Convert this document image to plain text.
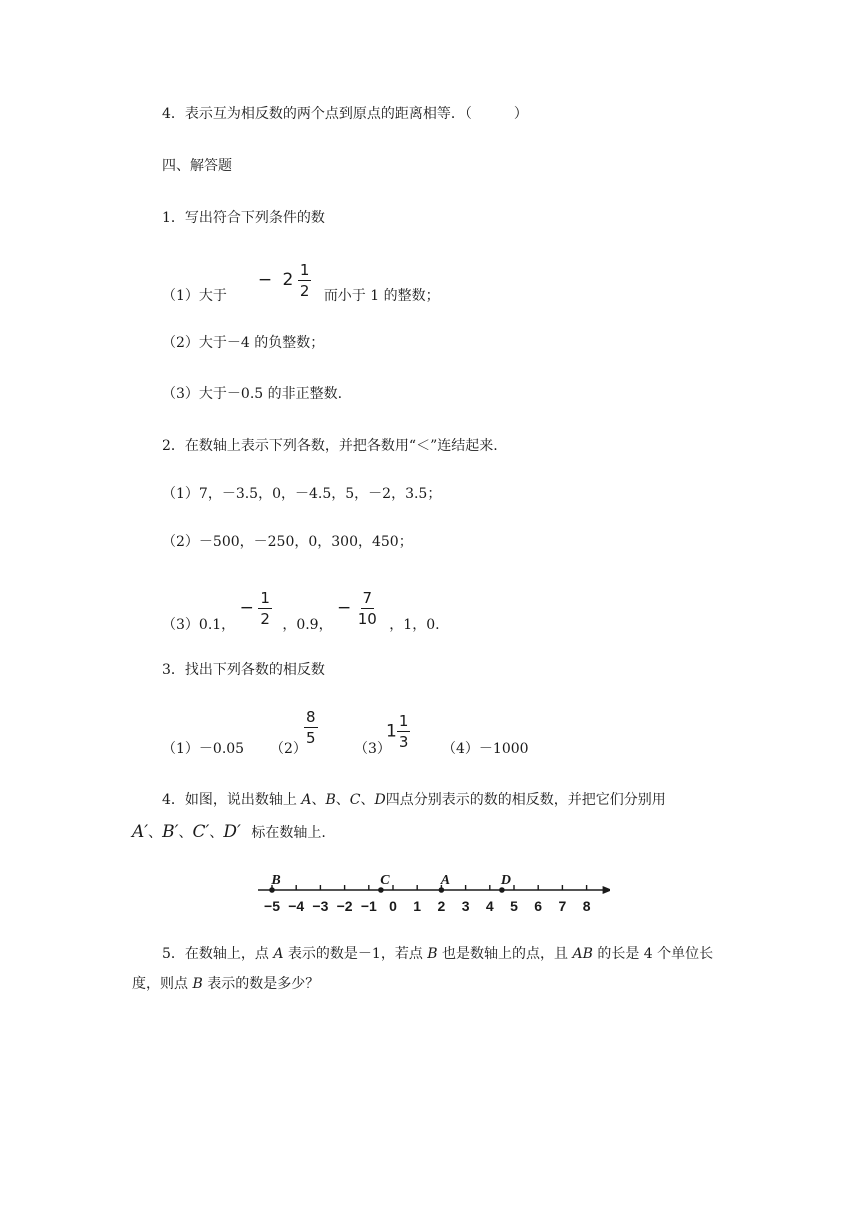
4．表示互为相反数的两个点到原点的距离相等．（　　　）
四、解答题
1．写出符合下列条件的数
（1）大于  − $2 \frac{1}{2}$ 而小于 1 的整数；
（2）大于－4 的负整数；
（3）大于－0.5 的非正整数.
2．在数轴上表示下列各数，并把各数用“＜”连结起来.
（1）7，－3.5，0，－4.5，5，－2，3.5；
（2）－500，－250，0，300，450；
（3）0.1， − $\frac{1}{2}$ ，0.9， − $\frac{7}{10}$ ，1，0.
3．找出下列各数的相反数
（1）－0.05 （2）
$\frac{8}{5}$
（3）
$1 \frac{1}{3} (4)-1000$
4．如图，说出数轴上 A、B、C、D四点分别表示的数的相反数，并把它们分别用
A′、B′、C′、D′ 标在数轴上.
−5 −4 −3 −2 −1 0 1 2 3 4 5 6 7 8
B	C	A	D
5．在数轴上，点 A 表示的数是－1，若点 B 也是数轴上的点，且 AB 的长是 4 个单位长
度，则点 B 表示的数是多少？
